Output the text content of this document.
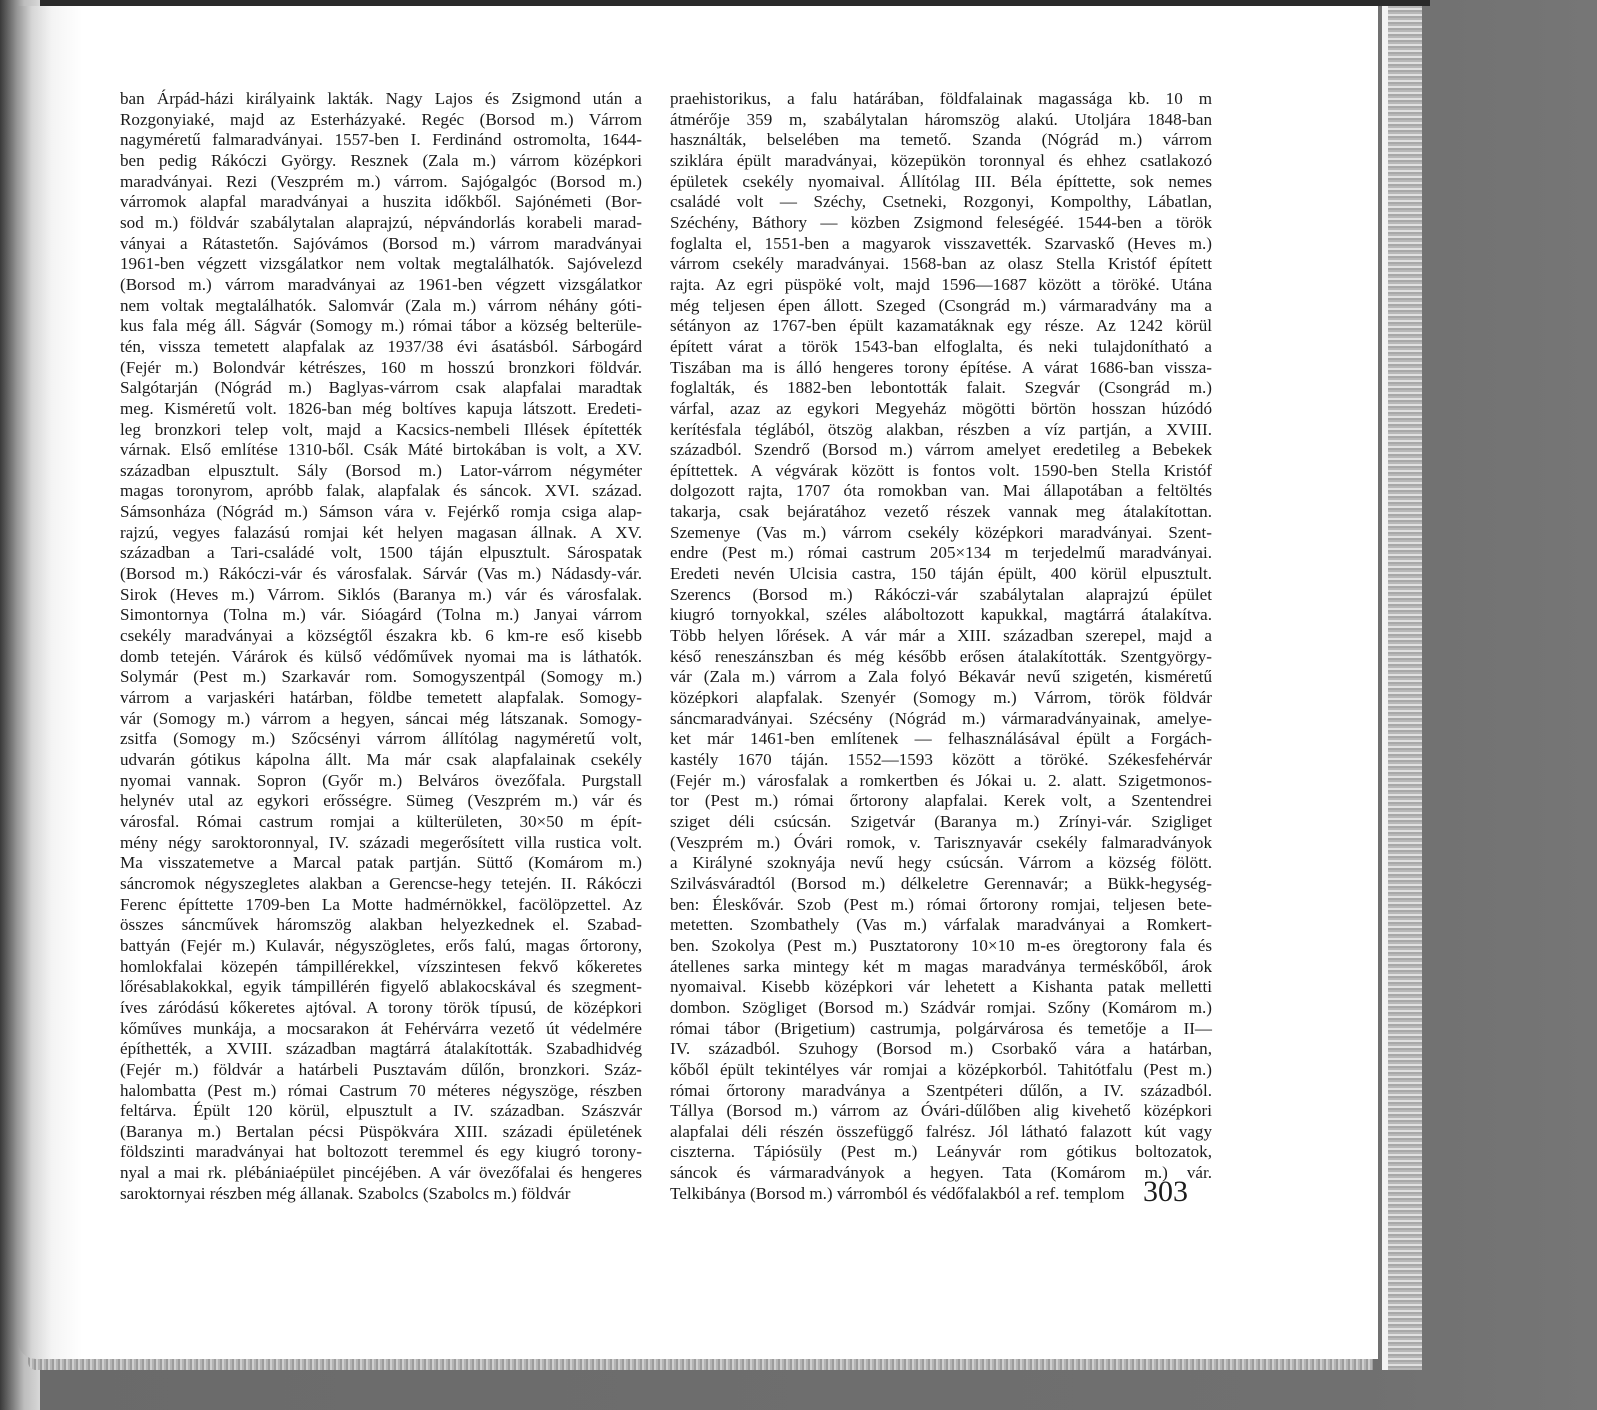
ban Árpád-házi királyaink lakták. Nagy Lajos és Zsigmond után a

Rozgonyiaké, majd az Esterházyaké. Regéc (Borsod m.) Várrom

nagyméretű falmaradványai. 1557-ben I. Ferdinánd ostromolta, 1644-

ben pedig Rákóczi György. Resznek (Zala m.) várrom középkori

maradványai. Rezi (Veszprém m.) várrom. Sajógalgóc (Borsod m.)

várromok alapfal maradványai a huszita időkből. Sajónémeti (Bor-

sod m.) földvár szabálytalan alaprajzú, népvándorlás korabeli marad-

ványai a Rátastetőn. Sajóvámos (Borsod m.) várrom maradványai

1961-ben végzett vizsgálatkor nem voltak megtalálhatók. Sajóvelezd

(Borsod m.) várrom maradványai az 1961-ben végzett vizsgálatkor

nem voltak megtalálhatók. Salomvár (Zala m.) várrom néhány góti-

kus fala még áll. Ságvár (Somogy m.) római tábor a község belterüle-

tén, vissza temetett alapfalak az 1937/38 évi ásatásból. Sárbogárd

(Fejér m.) Bolondvár kétrészes, 160 m hosszú bronzkori földvár.

Salgótarján (Nógrád m.) Baglyas-várrom csak alapfalai maradtak

meg. Kisméretű volt. 1826-ban még boltíves kapuja látszott. Eredeti-

leg bronzkori telep volt, majd a Kacsics-nembeli Illések építették

várnak. Első említése 1310-ből. Csák Máté birtokában is volt, a XV.

században elpusztult. Sály (Borsod m.) Lator-várrom négyméter

magas toronyrom, apróbb falak, alapfalak és sáncok. XVI. század.

Sámsonháza (Nógrád m.) Sámson vára v. Fejérkő romja csiga alap-

rajzú, vegyes falazású romjai két helyen magasan állnak. A XV.

században a Tari-családé volt, 1500 táján elpusztult. Sárospatak

(Borsod m.) Rákóczi-vár és városfalak. Sárvár (Vas m.) Nádasdy-vár.

Sirok (Heves m.) Várrom. Siklós (Baranya m.) vár és városfalak.

Simontornya (Tolna m.) vár. Sióagárd (Tolna m.) Janyai várrom

csekély maradványai a községtől északra kb. 6 km-re eső kisebb

domb tetején. Várárok és külső védőművek nyomai ma is láthatók.

Solymár (Pest m.) Szarkavár rom. Somogyszentpál (Somogy m.)

várrom a varjaskéri határban, földbe temetett alapfalak. Somogy-

vár (Somogy m.) várrom a hegyen, sáncai még látszanak. Somogy-

zsitfa (Somogy m.) Szőcsényi várrom állítólag nagyméretű volt,

udvarán gótikus kápolna állt. Ma már csak alapfalainak csekély

nyomai vannak. Sopron (Győr m.) Belváros övezőfala. Purgstall

helynév utal az egykori erősségre. Sümeg (Veszprém m.) vár és

városfal. Római castrum romjai a külterületen, 30×50 m épít-

mény négy saroktoronnyal, IV. századi megerősített villa rustica volt.

Ma visszatemetve a Marcal patak partján. Süttő (Komárom m.)

sáncromok négyszegletes alakban a Gerencse-hegy tetején. II. Rákóczi

Ferenc építtette 1709-ben La Motte hadmérnökkel, facölöpzettel. Az

összes sáncművek háromszög alakban helyezkednek el. Szabad-

battyán (Fejér m.) Kulavár, négyszögletes, erős falú, magas őrtorony,

homlokfalai közepén támpillérekkel, vízszintesen fekvő kőkeretes

lőrésablakokkal, egyik támpillérén figyelő ablakocskával és szegment-

íves záródású kőkeretes ajtóval. A torony török típusú, de középkori

kőműves munkája, a mocsarakon át Fehérvárra vezető út védelmére

építhették, a XVIII. században magtárrá átalakították. Szabadhidvég

(Fejér m.) földvár a határbeli Pusztavám dűlőn, bronzkori. Száz-

halombatta (Pest m.) római Castrum 70 méteres négyszöge, részben

feltárva. Épült 120 körül, elpusztult a IV. században. Szászvár

(Baranya m.) Bertalan pécsi Püspökvára XIII. századi épületének

földszinti maradványai hat boltozott teremmel és egy kiugró torony-

nyal a mai rk. plébániaépület pincéjében. A vár övezőfalai és hengeres

saroktornyai részben még állanak. Szabolcs (Szabolcs m.) földvár

praehistorikus, a falu határában, földfalainak magassága kb. 10 m

átmérője 359 m, szabálytalan háromszög alakú. Utoljára 1848-ban

használták, belselében ma temető. Szanda (Nógrád m.) várrom

sziklára épült maradványai, közepükön toronnyal és ehhez csatlakozó

épületek csekély nyomaival. Állítólag III. Béla építtette, sok nemes

családé volt — Széchy, Csetneki, Rozgonyi, Kompolthy, Lábatlan,

Széchény, Báthory — közben Zsigmond feleségéé. 1544-ben a török

foglalta el, 1551-ben a magyarok visszavették. Szarvaskő (Heves m.)

várrom csekély maradványai. 1568-ban az olasz Stella Kristóf épített

rajta. Az egri püspöké volt, majd 1596—1687 között a töröké. Utána

még teljesen épen állott. Szeged (Csongrád m.) vármaradvány ma a

sétányon az 1767-ben épült kazamatáknak egy része. Az 1242 körül

épített várat a török 1543-ban elfoglalta, és neki tulajdonítható a

Tiszában ma is álló hengeres torony építése. A várat 1686-ban vissza-

foglalták, és 1882-ben lebontották falait. Szegvár (Csongrád m.)

várfal, azaz az egykori Megyeház mögötti börtön hosszan húzódó

kerítésfala téglából, ötszög alakban, részben a víz partján, a XVIII.

századból. Szendrő (Borsod m.) várrom amelyet eredetileg a Bebekek

építtettek. A végvárak között is fontos volt. 1590-ben Stella Kristóf

dolgozott rajta, 1707 óta romokban van. Mai állapotában a feltöltés

takarja, csak bejáratához vezető részek vannak meg átalakítottan.

Szemenye (Vas m.) várrom csekély középkori maradványai. Szent-

endre (Pest m.) római castrum 205×134 m terjedelmű maradványai.

Eredeti nevén Ulcisia castra, 150 táján épült, 400 körül elpusztult.

Szerencs (Borsod m.) Rákóczi-vár szabálytalan alaprajzú épület

kiugró tornyokkal, széles aláboltozott kapukkal, magtárrá átalakítva.

Több helyen lőrések. A vár már a XIII. században szerepel, majd a

késő reneszánszban és még később erősen átalakították. Szentgyörgy-

vár (Zala m.) várrom a Zala folyó Békavár nevű szigetén, kisméretű

középkori alapfalak. Szenyér (Somogy m.) Várrom, török földvár

sáncmaradványai. Szécsény (Nógrád m.) vármaradványainak, amelye-

ket már 1461-ben említenek — felhasználásával épült a Forgách-

kastély 1670 táján. 1552—1593 között a töröké. Székesfehérvár

(Fejér m.) városfalak a romkertben és Jókai u. 2. alatt. Szigetmonos-

tor (Pest m.) római őrtorony alapfalai. Kerek volt, a Szentendrei

sziget déli csúcsán. Szigetvár (Baranya m.) Zrínyi-vár. Szigliget

(Veszprém m.) Óvári romok, v. Tarisznyavár csekély falmaradványok

a Királyné szoknyája nevű hegy csúcsán. Várrom a község fölött.

Szilvásváradtól (Borsod m.) délkeletre Gerennavár; a Bükk-hegység-

ben: Éleskővár. Szob (Pest m.) római őrtorony romjai, teljesen bete-

metetten. Szombathely (Vas m.) várfalak maradványai a Romkert-

ben. Szokolya (Pest m.) Pusztatorony 10×10 m-es öregtorony fala és

átellenes sarka mintegy két m magas maradványa terméskőből, árok

nyomaival. Kisebb középkori vár lehetett a Kishanta patak melletti

dombon. Szögliget (Borsod m.) Szádvár romjai. Szőny (Komárom m.)

római tábor (Brigetium) castrumja, polgárvárosa és temetője a II—

IV. századból. Szuhogy (Borsod m.) Csorbakő vára a határban,

kőből épült tekintélyes vár romjai a középkorból. Tahitótfalu (Pest m.)

római őrtorony maradványa a Szentpéteri dűlőn, a IV. századból.

Tállya (Borsod m.) várrom az Óvári-dűlőben alig kivehető középkori

alapfalai déli részén összefüggő falrész. Jól látható falazott kút vagy

ciszterna. Tápiósüly (Pest m.) Leányvár rom gótikus boltozatok,

sáncok és vármaradványok a hegyen. Tata (Komárom m.) vár.

Telkibánya (Borsod m.) várromból és védőfalakból a ref. templom 303
